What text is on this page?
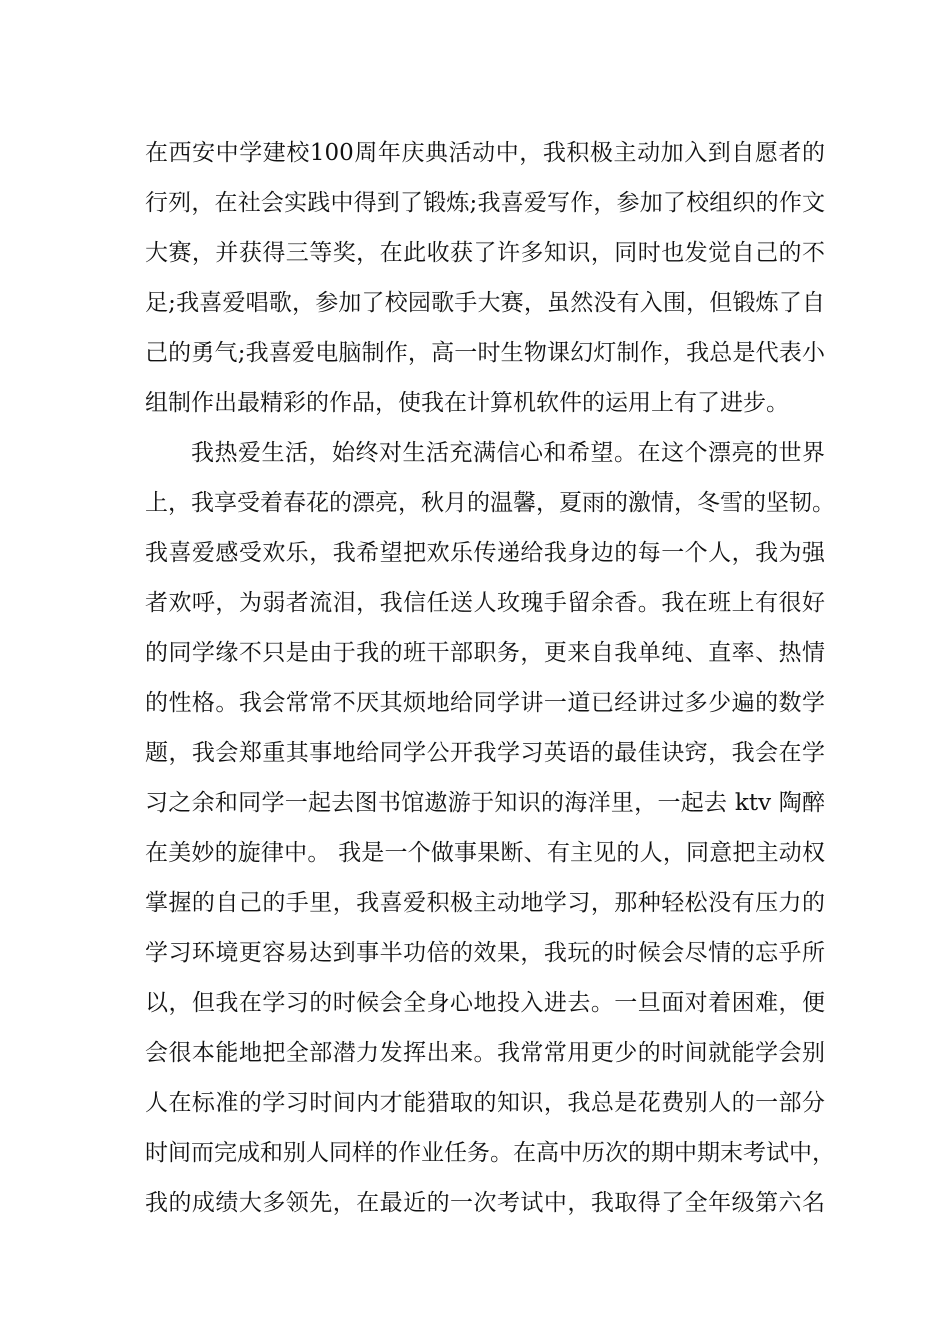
在西安中学建校100周年庆典活动中，我积极主动加入到自愿者的
行列，在社会实践中得到了锻炼;我喜爱写作，参加了校组织的作文
大赛，并获得三等奖，在此收获了许多知识，同时也发觉自己的不
足;我喜爱唱歌，参加了校园歌手大赛，虽然没有入围，但锻炼了自
己的勇气;我喜爱电脑制作，高一时生物课幻灯制作，我总是代表小
组制作出最精彩的作品，使我在计算机软件的运用上有了进步。
我热爱生活，始终对生活充满信心和希望。在这个漂亮的世界
上，我享受着春花的漂亮，秋月的温馨，夏雨的激情，冬雪的坚韧。
我喜爱感受欢乐，我希望把欢乐传递给我身边的每一个人，我为强
者欢呼，为弱者流泪，我信任送人玫瑰手留余香。我在班上有很好
的同学缘不只是由于我的班干部职务，更来自我单纯、直率、热情
的性格。我会常常不厌其烦地给同学讲一道已经讲过多少遍的数学
题，我会郑重其事地给同学公开我学习英语的最佳诀窍，我会在学
习之余和同学一起去图书馆遨游于知识的海洋里，一起去 ktv 陶醉
在美妙的旋律中。 我是一个做事果断、有主见的人，同意把主动权
掌握的自己的手里，我喜爱积极主动地学习，那种轻松没有压力的
学习环境更容易达到事半功倍的效果，我玩的时候会尽情的忘乎所
以，但我在学习的时候会全身心地投入进去。一旦面对着困难，便
会很本能地把全部潜力发挥出来。我常常用更少的时间就能学会别
人在标准的学习时间内才能猎取的知识，我总是花费别人的一部分
时间而完成和别人同样的作业任务。在高中历次的期中期末考试中，
我的成绩大多领先，在最近的一次考试中，我取得了全年级第六名
